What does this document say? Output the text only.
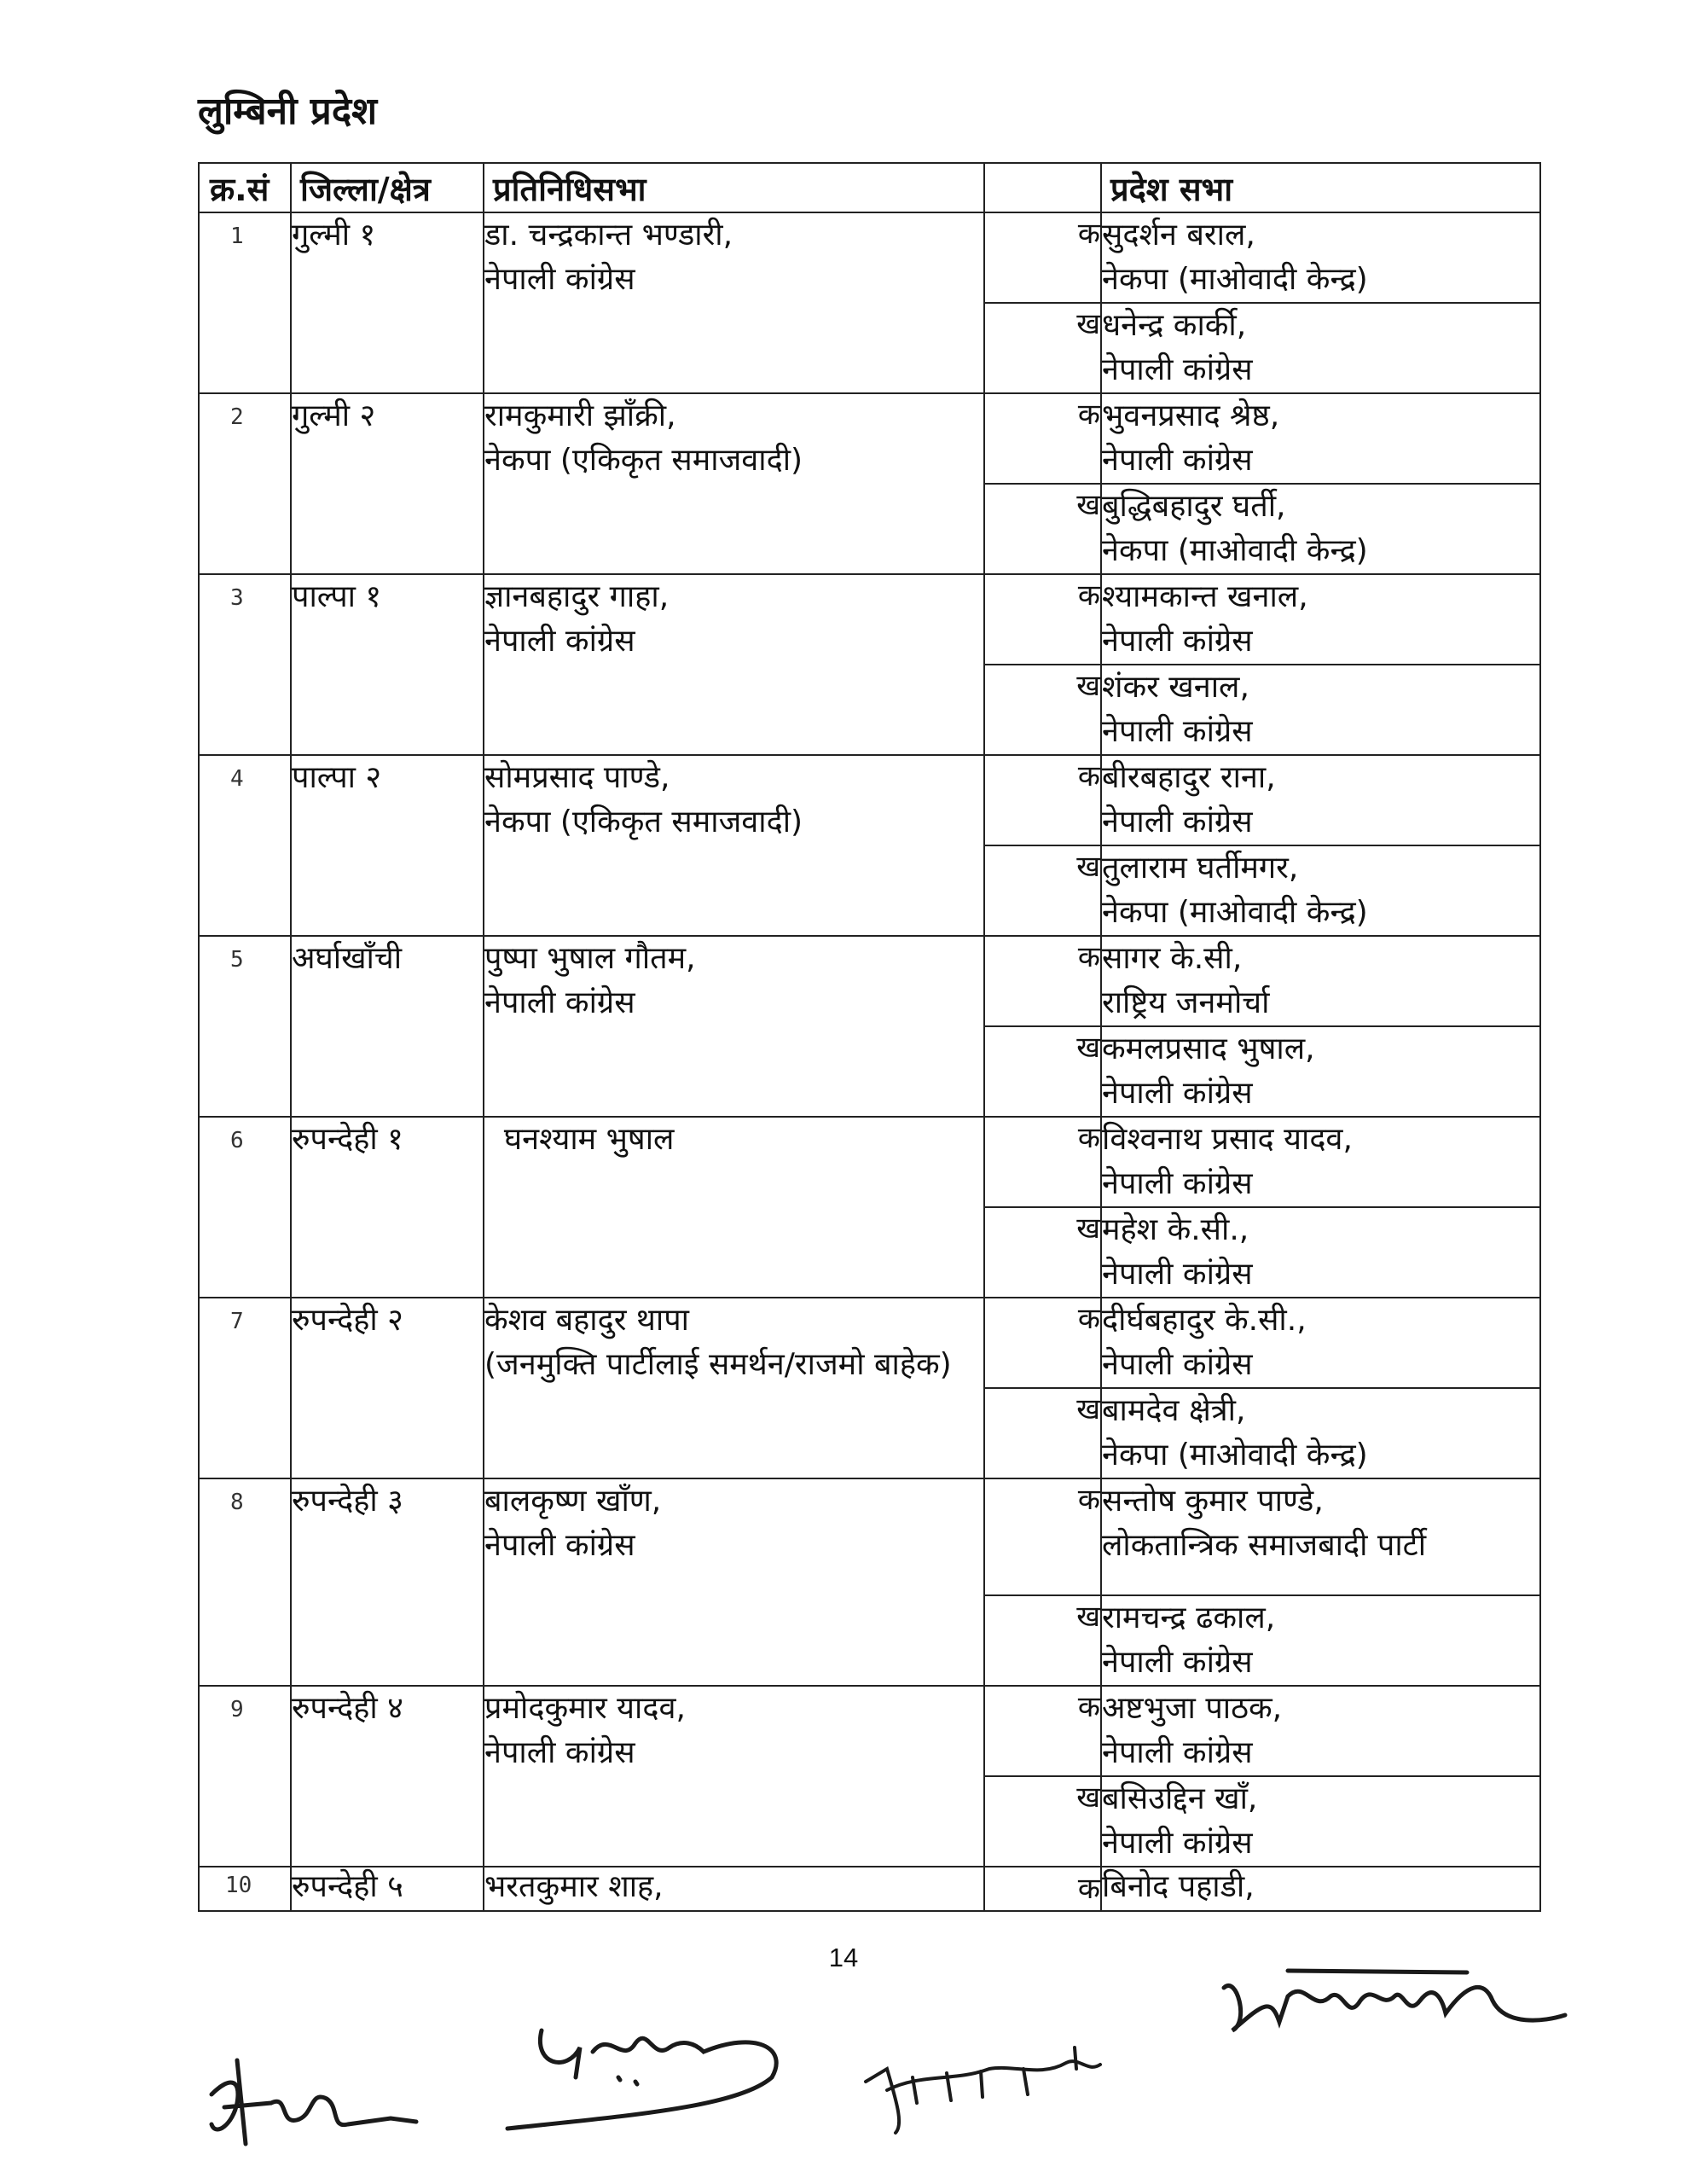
लुम्बिनी प्रदेश
क्र.सं	जिल्ला/क्षेत्र	प्रतिनिधिसभा		प्रदेश सभा

1	गुल्मी १	डा. चन्द्रकान्त भण्डारी,
नेपाली कांग्रेस	क	सुदर्शन बराल,
नेकपा (माओवादी केन्द्र)

			ख	धनेन्द्र कार्की,
नेपाली कांग्रेस

2	गुल्मी २	रामकुमारी झाँक्री,
नेकपा (एकिकृत समाजवादी)	क	भुवनप्रसाद श्रेष्ठ,
नेपाली कांग्रेस

			ख	बुद्धिबहादुर घर्ती,
नेकपा (माओवादी केन्द्र)

3	पाल्पा १	ज्ञानबहादुर गाहा,
नेपाली कांग्रेस	क	श्यामकान्त खनाल,
नेपाली कांग्रेस

			ख	शंकर खनाल,
नेपाली कांग्रेस

4	पाल्पा २	सोमप्रसाद पाण्डे,
नेकपा (एकिकृत समाजवादी)	क	बीरबहादुर राना,
नेपाली कांग्रेस

			ख	तुलाराम घर्तीमगर,
नेकपा (माओवादी केन्द्र)

5	अर्घाखाँची	पुष्पा भुषाल गौतम,
नेपाली कांग्रेस	क	सागर के.सी,
राष्ट्रिय जनमोर्चा

			ख	कमलप्रसाद भुषाल,
नेपाली कांग्रेस

6	रुपन्देही १	घनश्याम भुषाल	क	विश्वनाथ प्रसाद यादव,
नेपाली कांग्रेस

			ख	महेश के.सी.,
नेपाली कांग्रेस

7	रुपन्देही २	केशव बहादुर थापा
(जनमुक्ति पार्टीलाई समर्थन/राजमो बाहेक)	क	दीर्घबहादुर के.सी.,
नेपाली कांग्रेस

			ख	बामदेव क्षेत्री,
नेकपा (माओवादी केन्द्र)

8	रुपन्देही ३	बालकृष्ण खाँण,
नेपाली कांग्रेस	क	सन्तोष कुमार पाण्डे,
लोकतान्त्रिक समाजबादी पार्टी

			ख	रामचन्द्र ढकाल,
नेपाली कांग्रेस

9	रुपन्देही ४	प्रमोदकुमार यादव,
नेपाली कांग्रेस	क	अष्टभुजा पाठक,
नेपाली कांग्रेस

			ख	बसिउद्दिन खाँ,
नेपाली कांग्रेस

10	रुपन्देही ५	भरतकुमार शाह,	क	बिनोद पहाडी,
14
